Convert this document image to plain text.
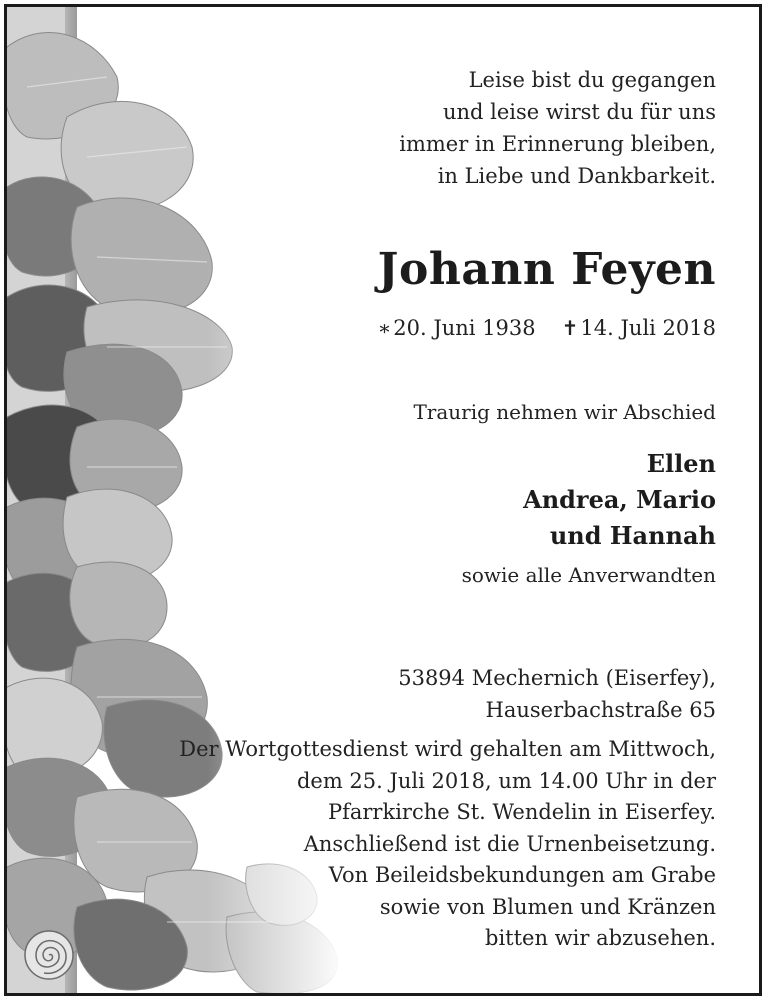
Leise bist du gegangen
und leise wirst du für uns
immer in Erinnerung bleiben,
in Liebe und Dankbarkeit.
Johann Feyen
∗20. Juni 1938 ✝14. Juli 2018
Traurig nehmen wir Abschied
Ellen
Andrea, Mario
und Hannah
sowie alle Anverwandten
53894 Mechernich (Eiserfey),
Hauserbachstraße 65
Der Wortgottesdienst wird gehalten am Mittwoch,
dem 25. Juli 2018, um 14.00 Uhr in der
Pfarrkirche St. Wendelin in Eiserfey.
Anschließend ist die Urnenbeisetzung.
Von Beileidsbekundungen am Grabe
sowie von Blumen und Kränzen
bitten wir abzusehen.
